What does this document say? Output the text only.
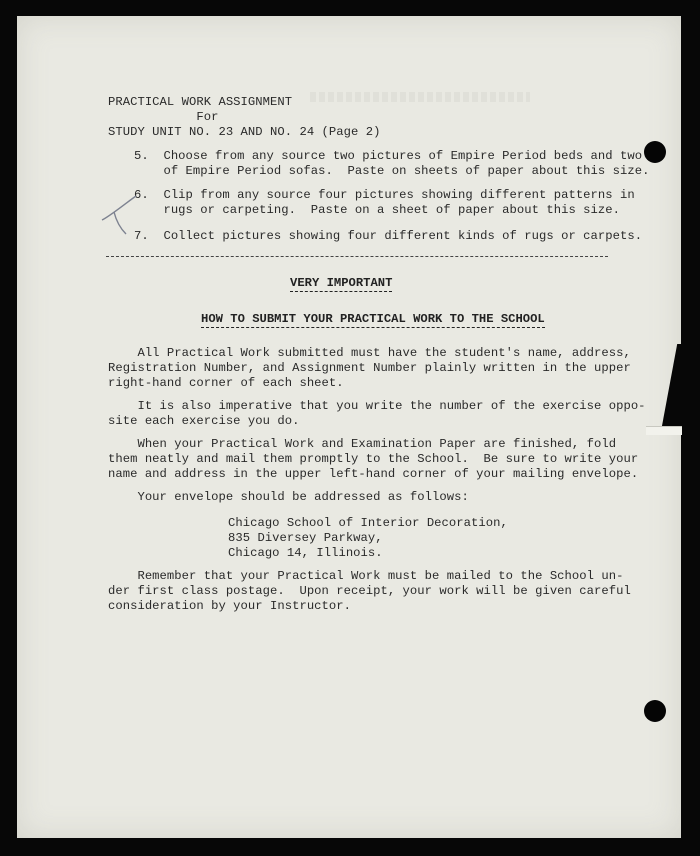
PRACTICAL WORK ASSIGNMENT
For
STUDY UNIT NO. 23 AND NO. 24 (Page 2)
5.  Choose from any source two pictures of Empire Period beds and two
of Empire Period sofas.  Paste on sheets of paper about this size.
6.  Clip from any source four pictures showing different patterns in
rugs or carpeting.  Paste on a sheet of paper about this size.
7.  Collect pictures showing four different kinds of rugs or carpets.
VERY IMPORTANT
HOW TO SUBMIT YOUR PRACTICAL WORK TO THE SCHOOL
All Practical Work submitted must have the student's name, address,
Registration Number, and Assignment Number plainly written in the upper
right-hand corner of each sheet.
It is also imperative that you write the number of the exercise oppo-
site each exercise you do.
When your Practical Work and Examination Paper are finished, fold
them neatly and mail them promptly to the School.  Be sure to write your
name and address in the upper left-hand corner of your mailing envelope.
Your envelope should be addressed as follows:
Chicago School of Interior Decoration,
835 Diversey Parkway,
Chicago 14, Illinois.
Remember that your Practical Work must be mailed to the School un-
der first class postage.  Upon receipt, your work will be given careful
consideration by your Instructor.
